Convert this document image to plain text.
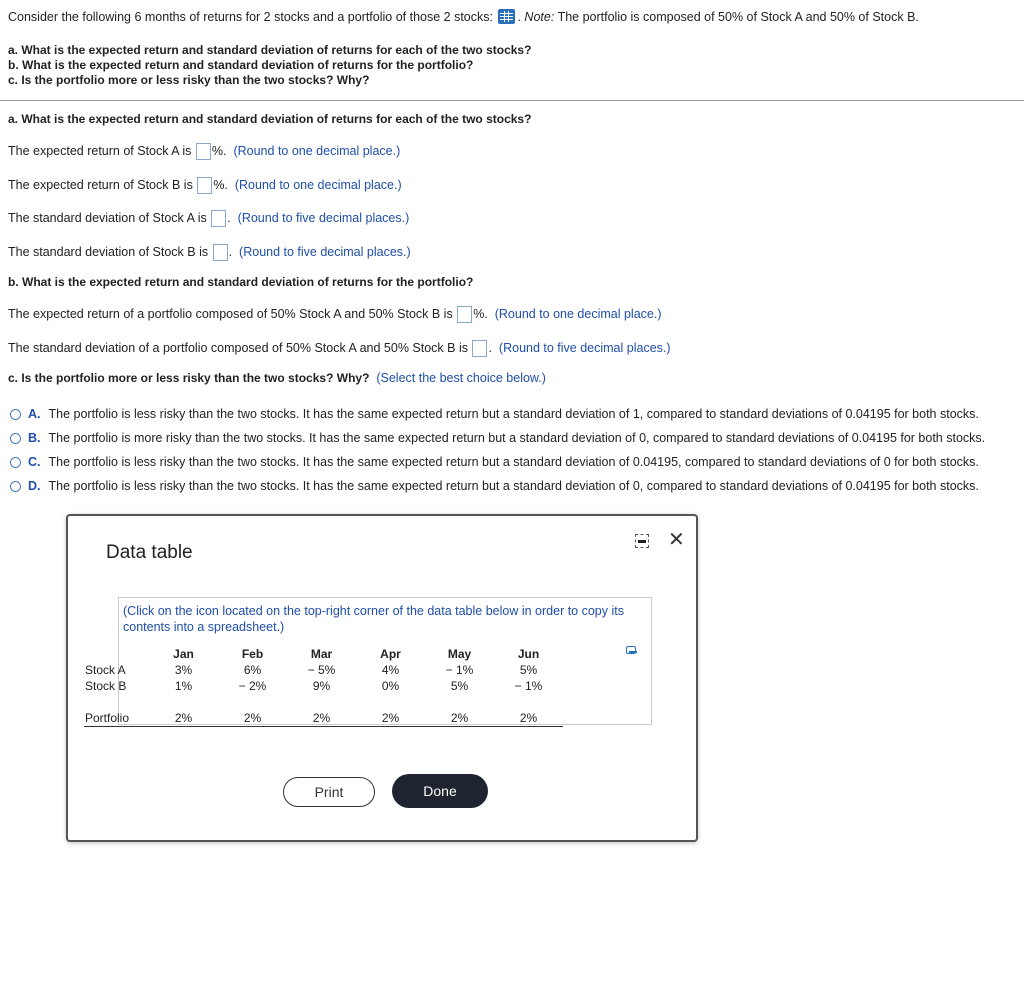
Consider the following 6 months of returns for 2 stocks and a portfolio of those 2 stocks: . Note: The portfolio is composed of 50% of Stock A and 50% of Stock B.
a. What is the expected return and standard deviation of returns for each of the two stocks?
b. What is the expected return and standard deviation of returns for the portfolio?
c. Is the portfolio more or less risky than the two stocks? Why?
a. What is the expected return and standard deviation of returns for each of the two stocks?
The expected return of Stock A is %. (Round to one decimal place.)
The expected return of Stock B is %. (Round to one decimal place.)
The standard deviation of Stock A is . (Round to five decimal places.)
The standard deviation of Stock B is . (Round to five decimal places.)
b. What is the expected return and standard deviation of returns for the portfolio?
The expected return of a portfolio composed of 50% Stock A and 50% Stock B is %. (Round to one decimal place.)
The standard deviation of a portfolio composed of 50% Stock A and 50% Stock B is . (Round to five decimal places.)
c. Is the portfolio more or less risky than the two stocks? Why? (Select the best choice below.)
A. The portfolio is less risky than the two stocks. It has the same expected return but a standard deviation of 1, compared to standard deviations of 0.04195 for both stocks.
B. The portfolio is more risky than the two stocks. It has the same expected return but a standard deviation of 0, compared to standard deviations of 0.04195 for both stocks.
C. The portfolio is less risky than the two stocks. It has the same expected return but a standard deviation of 0.04195, compared to standard deviations of 0 for both stocks.
D. The portfolio is less risky than the two stocks. It has the same expected return but a standard deviation of 0, compared to standard deviations of 0.04195 for both stocks.
Data table
✕
(Click on the icon located on the top-right corner of the data table below in order to copy its contents into a spreadsheet.)
	Jan	Feb	Mar	Apr	May	Jun
Stock A	3%	6%	− 5%	4%	− 1%	5%
Stock B	1%	− 2%	9%	0%	5%	− 1%

Portfolio	2%	2%	2%	2%	2%	2%
Print	Done
